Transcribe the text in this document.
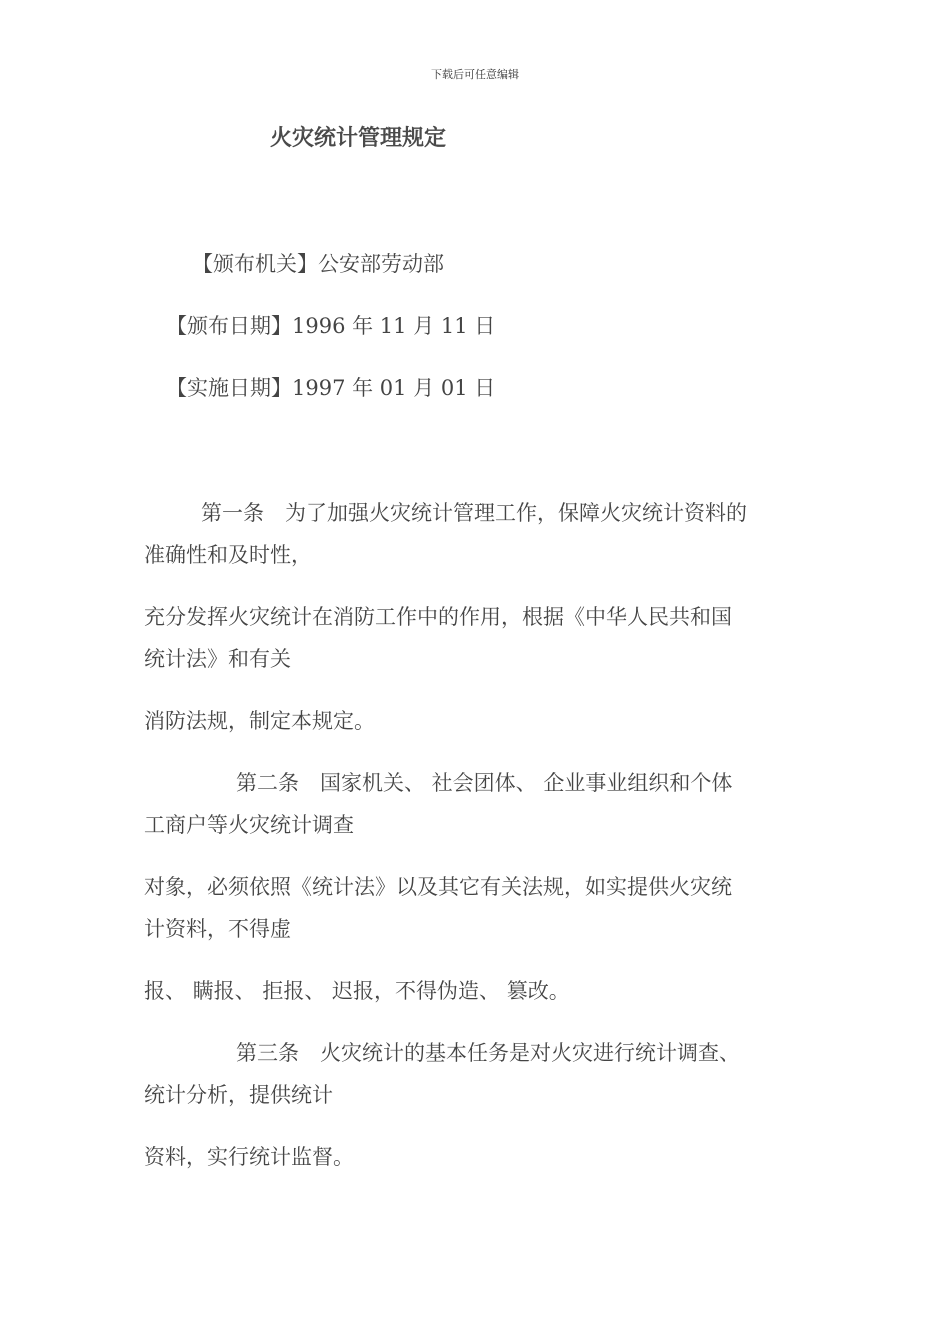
下载后可任意编辑
火灾统计管理规定
【颁布机关】公安部劳动部
【颁布日期】1996 年 11 月 11 日
【实施日期】1997 年 01 月 01 日
第一条　为了加强火灾统计管理工作，保障火灾统计资料的
准确性和及时性，
充分发挥火灾统计在消防工作中的作用，根据《中华人民共和国
统计法》和有关
消防法规，制定本规定。
第二条　国家机关、 社会团体、 企业事业组织和个体
工商户等火灾统计调查
对象，必须依照《统计法》以及其它有关法规，如实提供火灾统
计资料，不得虚
报、 瞒报、 拒报、 迟报，不得伪造、 篡改。
第三条　火灾统计的基本任务是对火灾进行统计调查、
统计分析，提供统计
资料，实行统计监督。
